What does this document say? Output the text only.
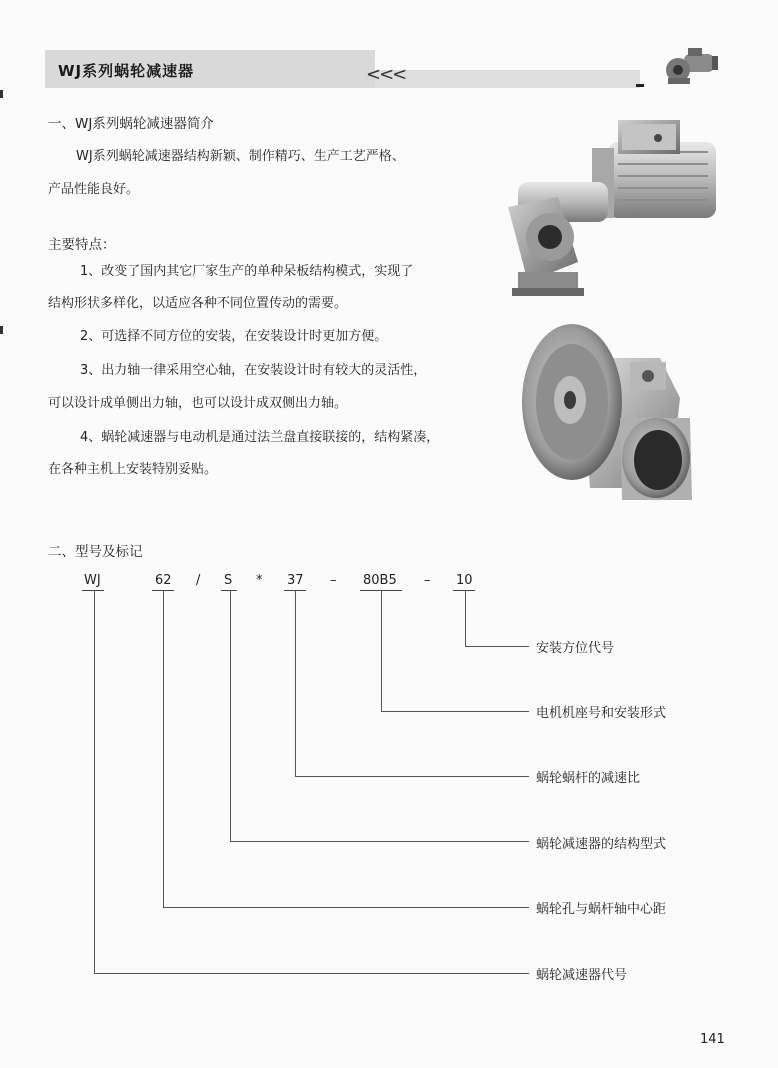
WJ系列蜗轮减速器	<<<
一、WJ系列蜗轮减速器简介
WJ系列蜗轮减速器结构新颖、制作精巧、生产工艺严格、
产品性能良好。
主要特点：
1、改变了国内其它厂家生产的单种呆板结构模式，实现了
结构形状多样化，以适应各种不同位置传动的需要。
2、可选择不同方位的安装，在安装设计时更加方便。
3、出力轴一律采用空心轴，在安装设计时有较大的灵活性，
可以设计成单侧出力轴，也可以设计成双侧出力轴。
4、蜗轮减速器与电动机是通过法兰盘直接联接的，结构紧凑，
在各种主机上安装特别妥贴。
二、型号及标记
WJ	62 / S * 37 – 80B5 – 10
安装方位代号
电机机座号和安装形式
蜗轮蜗杆的减速比
蜗轮减速器的结构型式
蜗轮孔与蜗杆轴中心距
蜗轮减速器代号
141
